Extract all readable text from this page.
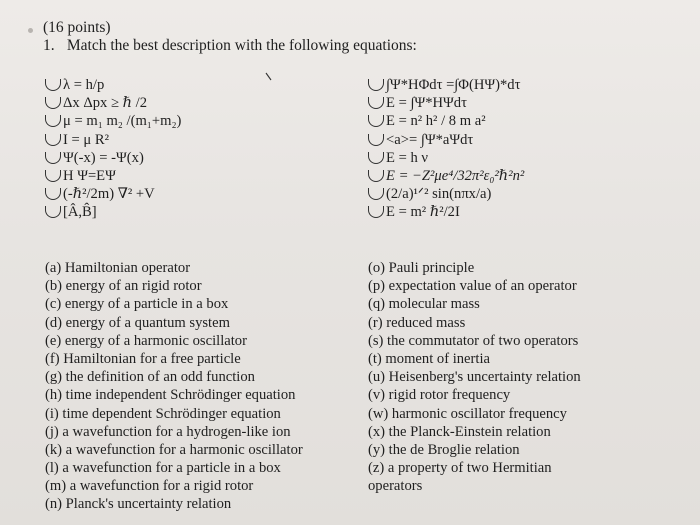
(16 points)
1. Match the best description with the following equations:
λ = h/p
Δx Δpx ≥ ℏ /2
μ = m₁ m₂ /(m₁+m₂)
I = μ R²
Ψ(-x) = -Ψ(x)
H Ψ=EΨ
(-ℏ²/2m) ∇² +V
[Â,B̂]
∫Ψ*HΦdτ =∫Φ(HΨ)*dτ
E = ∫Ψ*HΨdτ
E = n² h² / 8 m a²
<a>= ∫Ψ*aΨdτ
E = h ν
E = −Z²μe⁴/32π²ε₀²ℏ²n²
(2/a)¹ᐟ² sin(nπx/a)
E = m² ℏ²/2I
(a) Hamiltonian operator
(b) energy of an rigid rotor
(c) energy of a particle in a box
(d) energy of a quantum system
(e) energy of a harmonic oscillator
(f) Hamiltonian for a free particle
(g) the definition of an odd function
(h) time independent Schrödinger equation
(i) time dependent Schrödinger equation
(j) a wavefunction for a hydrogen-like ion
(k) a wavefunction for a harmonic oscillator
(l) a wavefunction for a particle in a box
(m) a wavefunction for a rigid rotor
(n) Planck's uncertainty relation
(o) Pauli principle
(p) expectation value of an operator
(q) molecular mass
(r) reduced mass
(s) the commutator of two operators
(t) moment of inertia
(u) Heisenberg's uncertainty relation
(v) rigid rotor frequency
(w) harmonic oscillator frequency
(x) the Planck-Einstein relation
(y) the de Broglie relation
(z) a property of two Hermitian
operators
